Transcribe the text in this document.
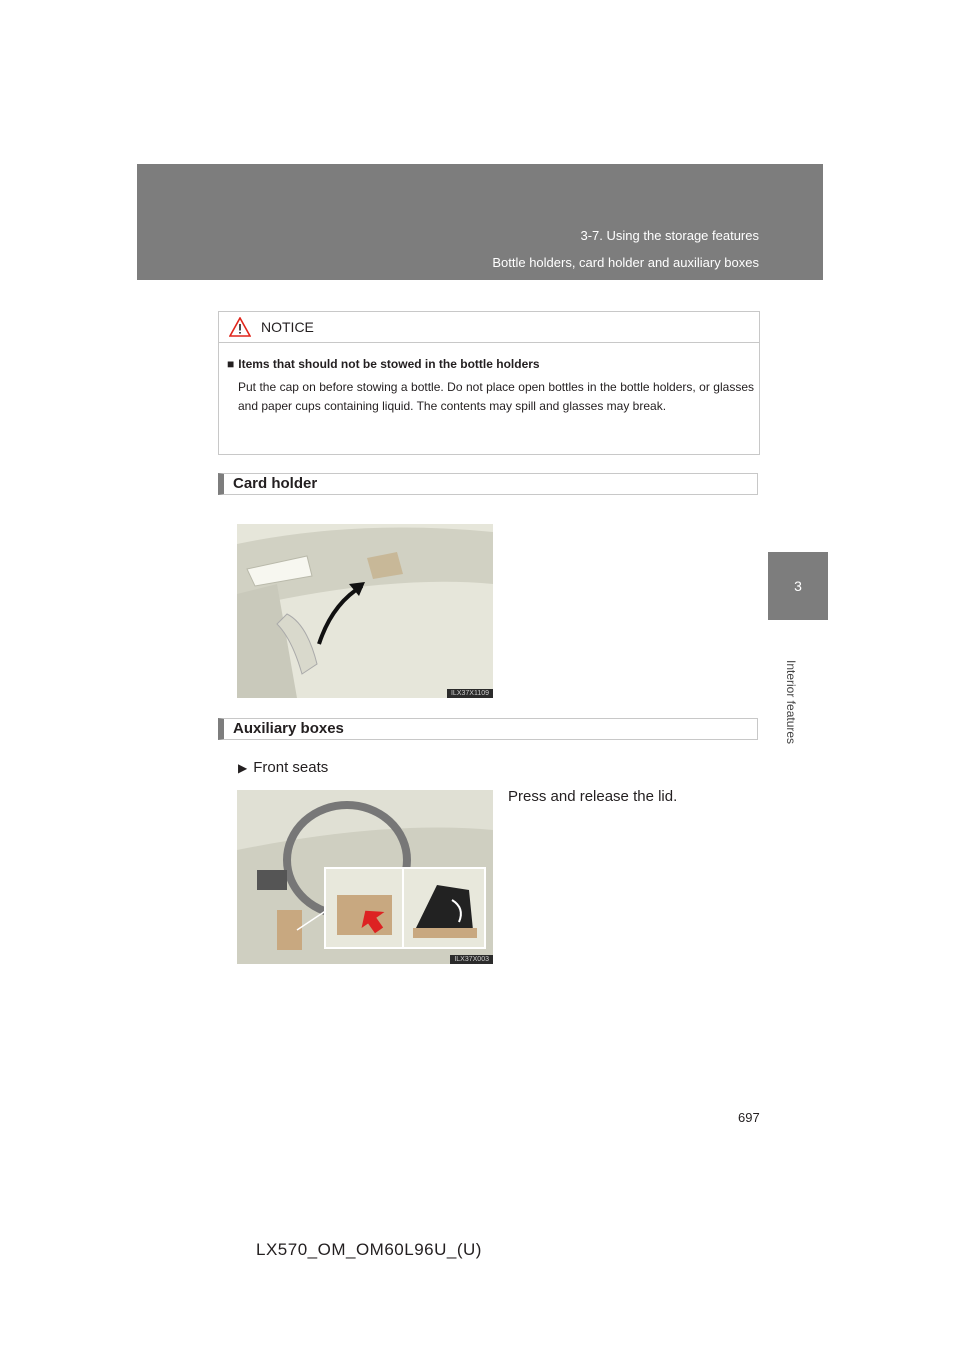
3-7. Using the storage features
Bottle holders, card holder and auxiliary boxes
3
Interior features
NOTICE
■ Items that should not be stowed in the bottle holders
Put the cap on before stowing a bottle. Do not place open bottles in the bottle holders, or glasses and paper cups containing liquid. The contents may spill and glasses may break.
Card holder
ILX37X1109
Auxiliary boxes
▶ Front seats
Press and release the lid.
ILX37X003
697
LX570_OM_OM60L96U_(U)
